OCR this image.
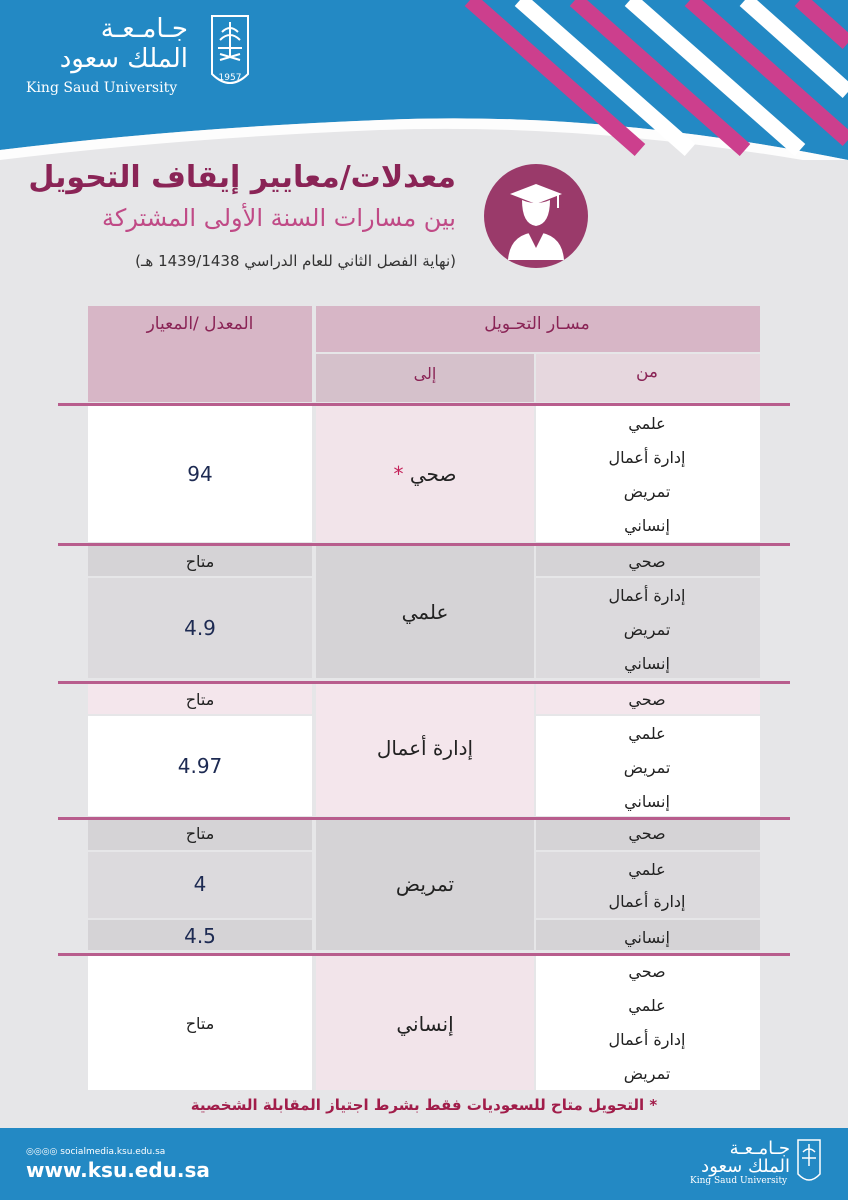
جـامـعـة
الملك سعود
King Saud University
1957
معدلات/معايير إيقاف التحويل
بين مسارات السنة الأولى المشتركة
(نهاية الفصل الثاني للعام الدراسي 1439/1438 هـ)
المعدل /المعيار	مسـار التحـويل
إلى	من
علمي
إدارة أعمال
تمريض
إنساني
صحي *
94
صحي
إدارة أعمال
تمريض
إنساني
علمي
متاح
4.9
صحي
علمي
تمريض
إنساني
إدارة أعمال
متاح
4.97
صحي
علمي
إدارة أعمال
إنساني
تمريض
متاح
4
4.5
صحي
علمي
إدارة أعمال
تمريض
إنساني
متاح
* التحويل متاح للسعوديات فقط بشرط اجتياز المقابلة الشخصية
◎◎◎◎ socialmedia.ksu.edu.sa
www.ksu.edu.sa
جـامـعـة
الملك سعود
King Saud University
